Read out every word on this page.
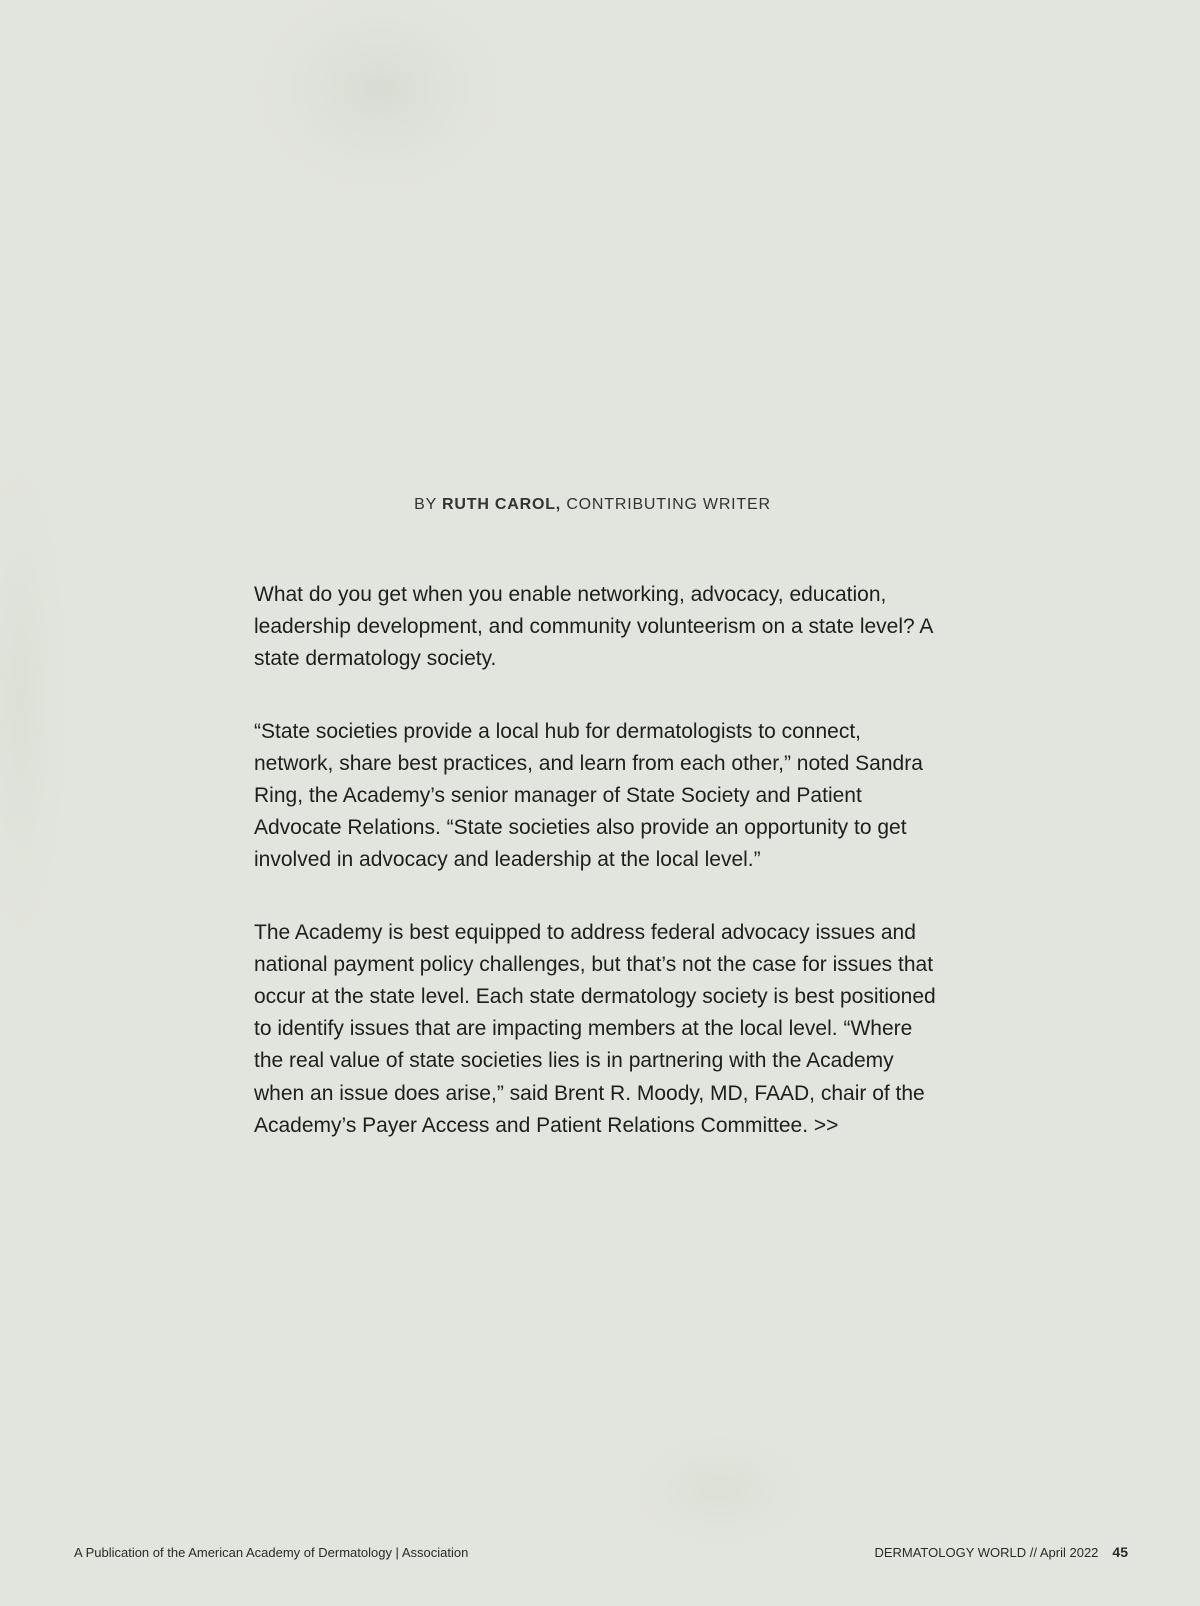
BY RUTH CAROL, CONTRIBUTING WRITER

What do you get when you enable networking, advocacy, education, leadership development, and community volunteerism on a state level? A state dermatology society.

“State societies provide a local hub for dermatologists to connect, network, share best practices, and learn from each other,” noted Sandra Ring, the Academy’s senior manager of State Society and Patient Advocate Relations. “State societies also provide an opportunity to get involved in advocacy and leadership at the local level.”

The Academy is best equipped to address federal advocacy issues and national payment policy challenges, but that’s not the case for issues that occur at the state level. Each state dermatology society is best positioned to identify issues that are impacting members at the local level. “Where the real value of state societies lies is in partnering with the Academy when an issue does arise,” said Brent R. Moody, MD, FAAD, chair of the Academy’s Payer Access and Patient Relations Committee. >>

A Publication of the American Academy of Dermatology | Association	DERMATOLOGY WORLD // April 2022 45
